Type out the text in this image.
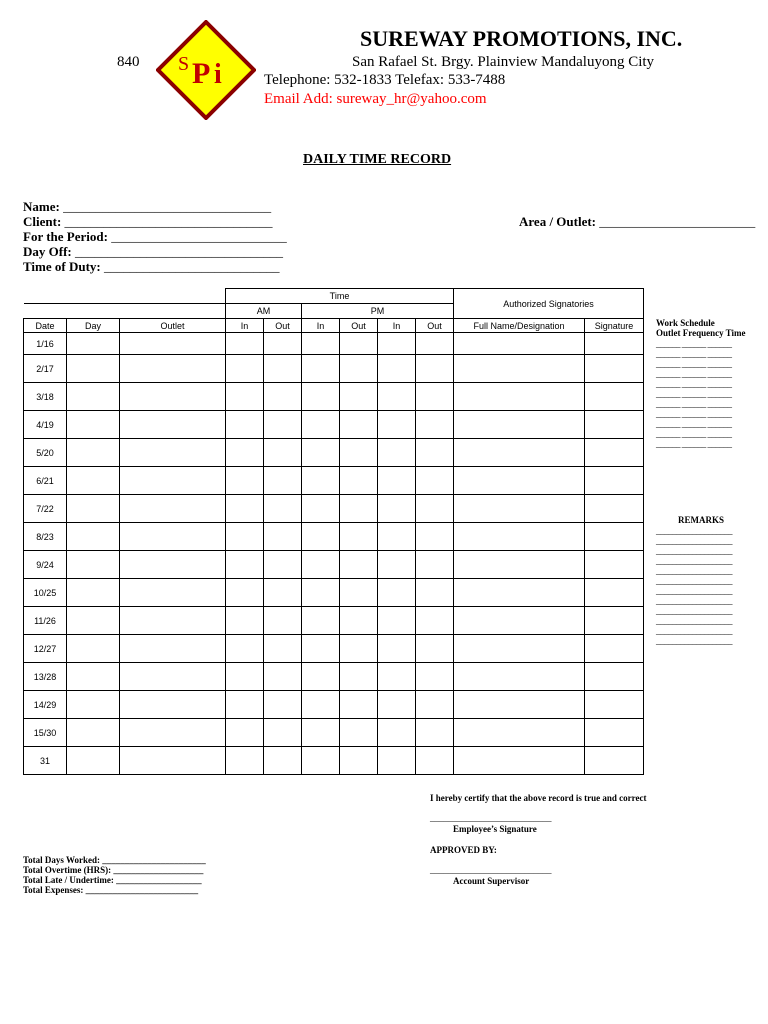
840 S P i
SUREWAY PROMOTIONS, INC.
San Rafael St. Brgy. Plainview Mandaluyong City
Telephone: 532-1833 Telefax: 533-7488
Email Add: sureway_hr@yahoo.com
DAILY TIME RECORD
Name: ________________________________
Client: ________________________________
For the Period: ___________________________
Day Off: ________________________________
Time of Duty: ___________________________
Area / Outlet: ________________________
			Time						Authorized Signatories	
			AM		PM					
Date	Day	Outlet	In	Out	In	Out	In	Out	Full Name/Designation	Signature
1/16										
2/17										
3/18										
4/19										
5/20										
6/21										
7/22										
8/23										
9/24										
10/25										
11/26										
12/27										
13/28										
14/29										
15/30										
31										
Work Schedule
Outlet Frequency Time
______ ______ ______
______ ______ ______
______ ______ ______
______ ______ ______
______ ______ ______
______ ______ ______
______ ______ ______
______ ______ ______
______ ______ ______
______ ______ ______
______ ______ ______
REMARKS
___________________
___________________
___________________
___________________
___________________
___________________
___________________
___________________
___________________
___________________
___________________
___________________
I hereby certify that the above record is true and correct
___________________________
Employee’s Signature
APPROVED BY:
___________________________
Account Supervisor
Total Days Worked: _______________________
Total Overtime (HRS): ____________________
Total Late / Undertime: ___________________
Total Expenses: _________________________
